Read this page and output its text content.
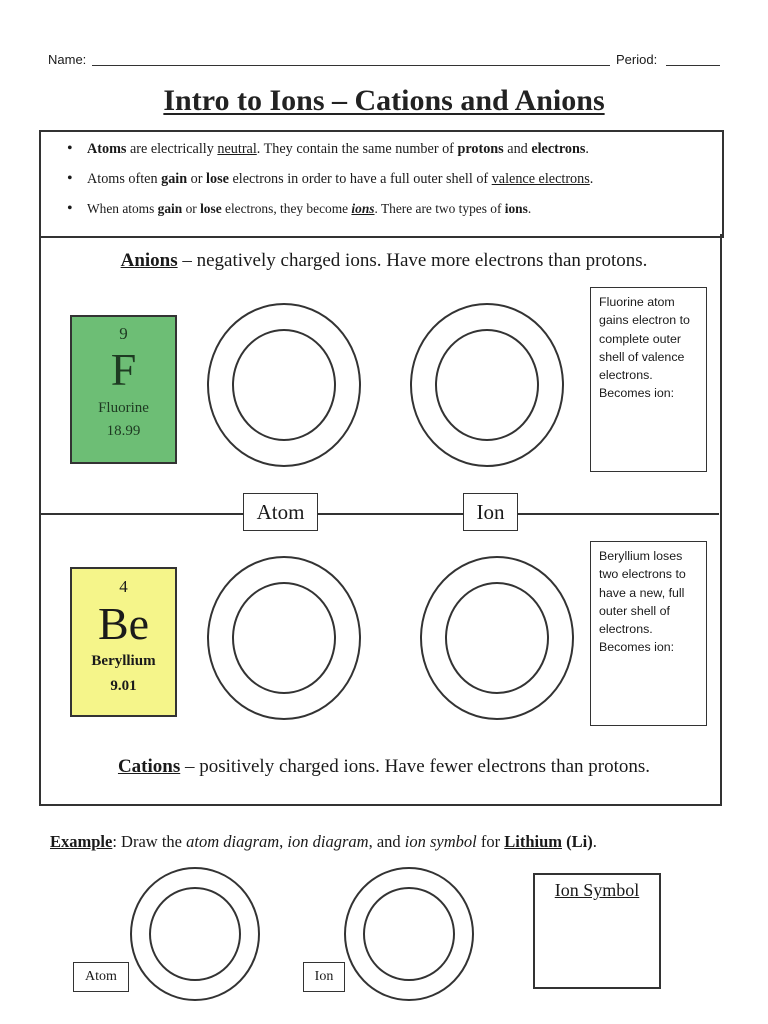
Name:	Period:
Intro to Ions – Cations and Anions
• Atoms are electrically neutral. They contain the same number of protons and electrons.
• Atoms often gain or lose electrons in order to have a full outer shell of valence electrons.
• When atoms gain or lose electrons, they become ions. There are two types of ions.
Anions – negatively charged ions. Have more electrons than protons.
9
F
Fluorine
18.99
Fluorine atom gains electron to complete outer shell of valence electrons. Becomes ion:
Atom	Ion
4
Be
Beryllium
9.01
Beryllium loses two electrons to have a new, full outer shell of electrons. Becomes ion:
Cations – positively charged ions. Have fewer electrons than protons.
Example: Draw the atom diagram, ion diagram, and ion symbol for Lithium (Li).
Atom	Ion
Ion Symbol
